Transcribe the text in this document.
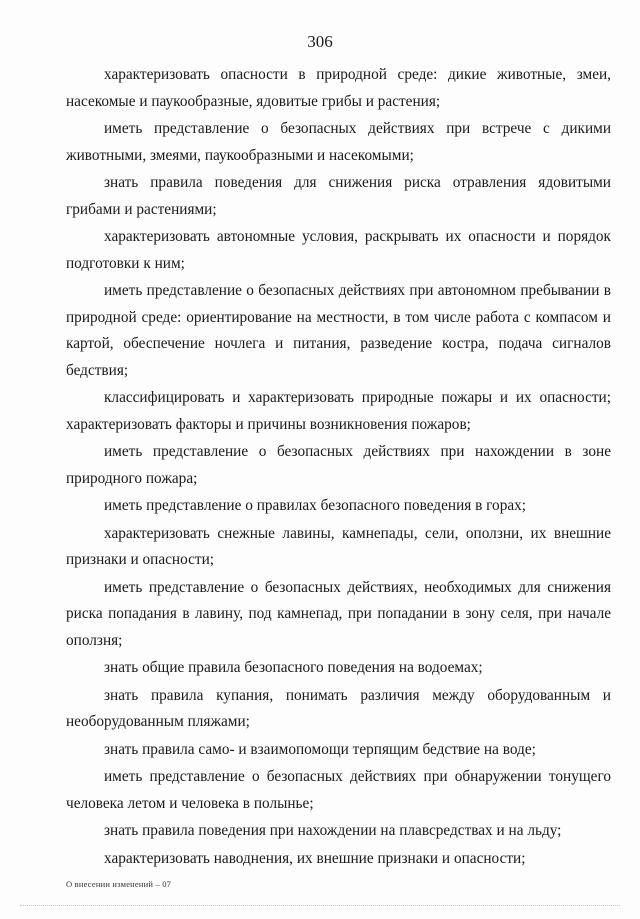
306

характеризовать опасности в природной среде: дикие животные, змеи, насекомые и паукообразные, ядовитые грибы и растения;

иметь представление о безопасных действиях при встрече с дикими животными, змеями, паукообразными и насекомыми;

знать правила поведения для снижения риска отравления ядовитыми грибами и растениями;

характеризовать автономные условия, раскрывать их опасности и порядок подготовки к ним;

иметь представление о безопасных действиях при автономном пребывании в природной среде: ориентирование на местности, в том числе работа с компасом и картой, обеспечение ночлега и питания, разведение костра, подача сигналов бедствия;

классифицировать и характеризовать природные пожары и их опасности; характеризовать факторы и причины возникновения пожаров;

иметь представление о безопасных действиях при нахождении в зоне природного пожара;

иметь представление о правилах безопасного поведения в горах;

характеризовать снежные лавины, камнепады, сели, оползни, их внешние признаки и опасности;

иметь представление о безопасных действиях, необходимых для снижения риска попадания в лавину, под камнепад, при попадании в зону селя, при начале оползня;

знать общие правила безопасного поведения на водоемах;

знать правила купания, понимать различия между оборудованным и необорудованным пляжами;

знать правила само- и взаимопомощи терпящим бедствие на воде;

иметь представление о безопасных действиях при обнаружении тонущего человека летом и человека в полынье;

знать правила поведения при нахождении на плавсредствах и на льду;

характеризовать наводнения, их внешние признаки и опасности;

О внесении изменений – 07
